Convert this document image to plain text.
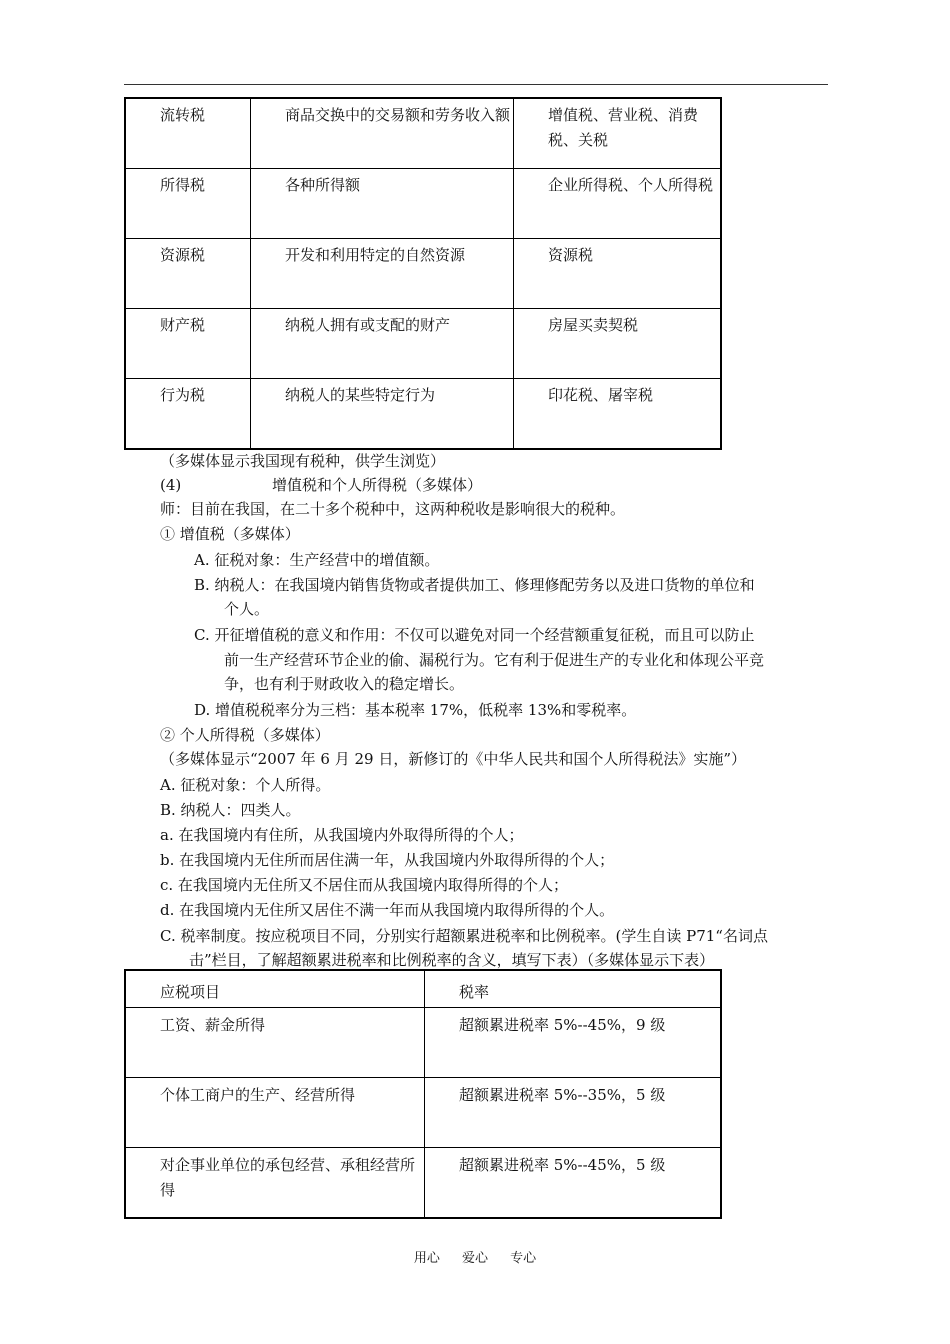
流转税	商品交换中的交易额和劳务收入额	增值税、营业税、消费税、关税

所得税	各种所得额	企业所得税、个人所得税

资源税	开发和利用特定的自然资源	资源税

财产税	纳税人拥有或支配的财产	房屋买卖契税

行为税	纳税人的某些特定行为	印花税、屠宰税
（多媒体显示我国现有税种，供学生浏览）
(4)	增值税和个人所得税（多媒体）
师：目前在我国，在二十多个税种中，这两种税收是影响很大的税种。
① 增值税（多媒体）
A. 征税对象：生产经营中的增值额。
B. 纳税人：在我国境内销售货物或者提供加工、修理修配劳务以及进口货物的单位和
个人。
C. 开征增值税的意义和作用：不仅可以避免对同一个经营额重复征税，而且可以防止
前一生产经营环节企业的偷、漏税行为。它有利于促进生产的专业化和体现公平竞
争，也有利于财政收入的稳定增长。
D. 增值税税率分为三档：基本税率 17%，低税率 13%和零税率。
② 个人所得税（多媒体）
（多媒体显示“2007 年 6 月 29 日，新修订的《中华人民共和国个人所得税法》实施”）
A. 征税对象：个人所得。
B. 纳税人：四类人。
a. 在我国境内有住所，从我国境内外取得所得的个人；
b. 在我国境内无住所而居住满一年，从我国境内外取得所得的个人；
c. 在我国境内无住所又不居住而从我国境内取得所得的个人；
d. 在我国境内无住所又居住不满一年而从我国境内取得所得的个人。
C. 税率制度。按应税项目不同，分别实行超额累进税率和比例税率。(学生自读 P71“名词点
击”栏目，了解超额累进税率和比例税率的含义，填写下表）（多媒体显示下表）
应税项目	税率

工资、薪金所得	超额累进税率 5%--45%，9 级

个体工商户的生产、经营所得	超额累进税率 5%--35%，5 级

对企事业单位的承包经营、承租经营所得	超额累进税率 5%--45%，5 级
用心 爱心 专心
